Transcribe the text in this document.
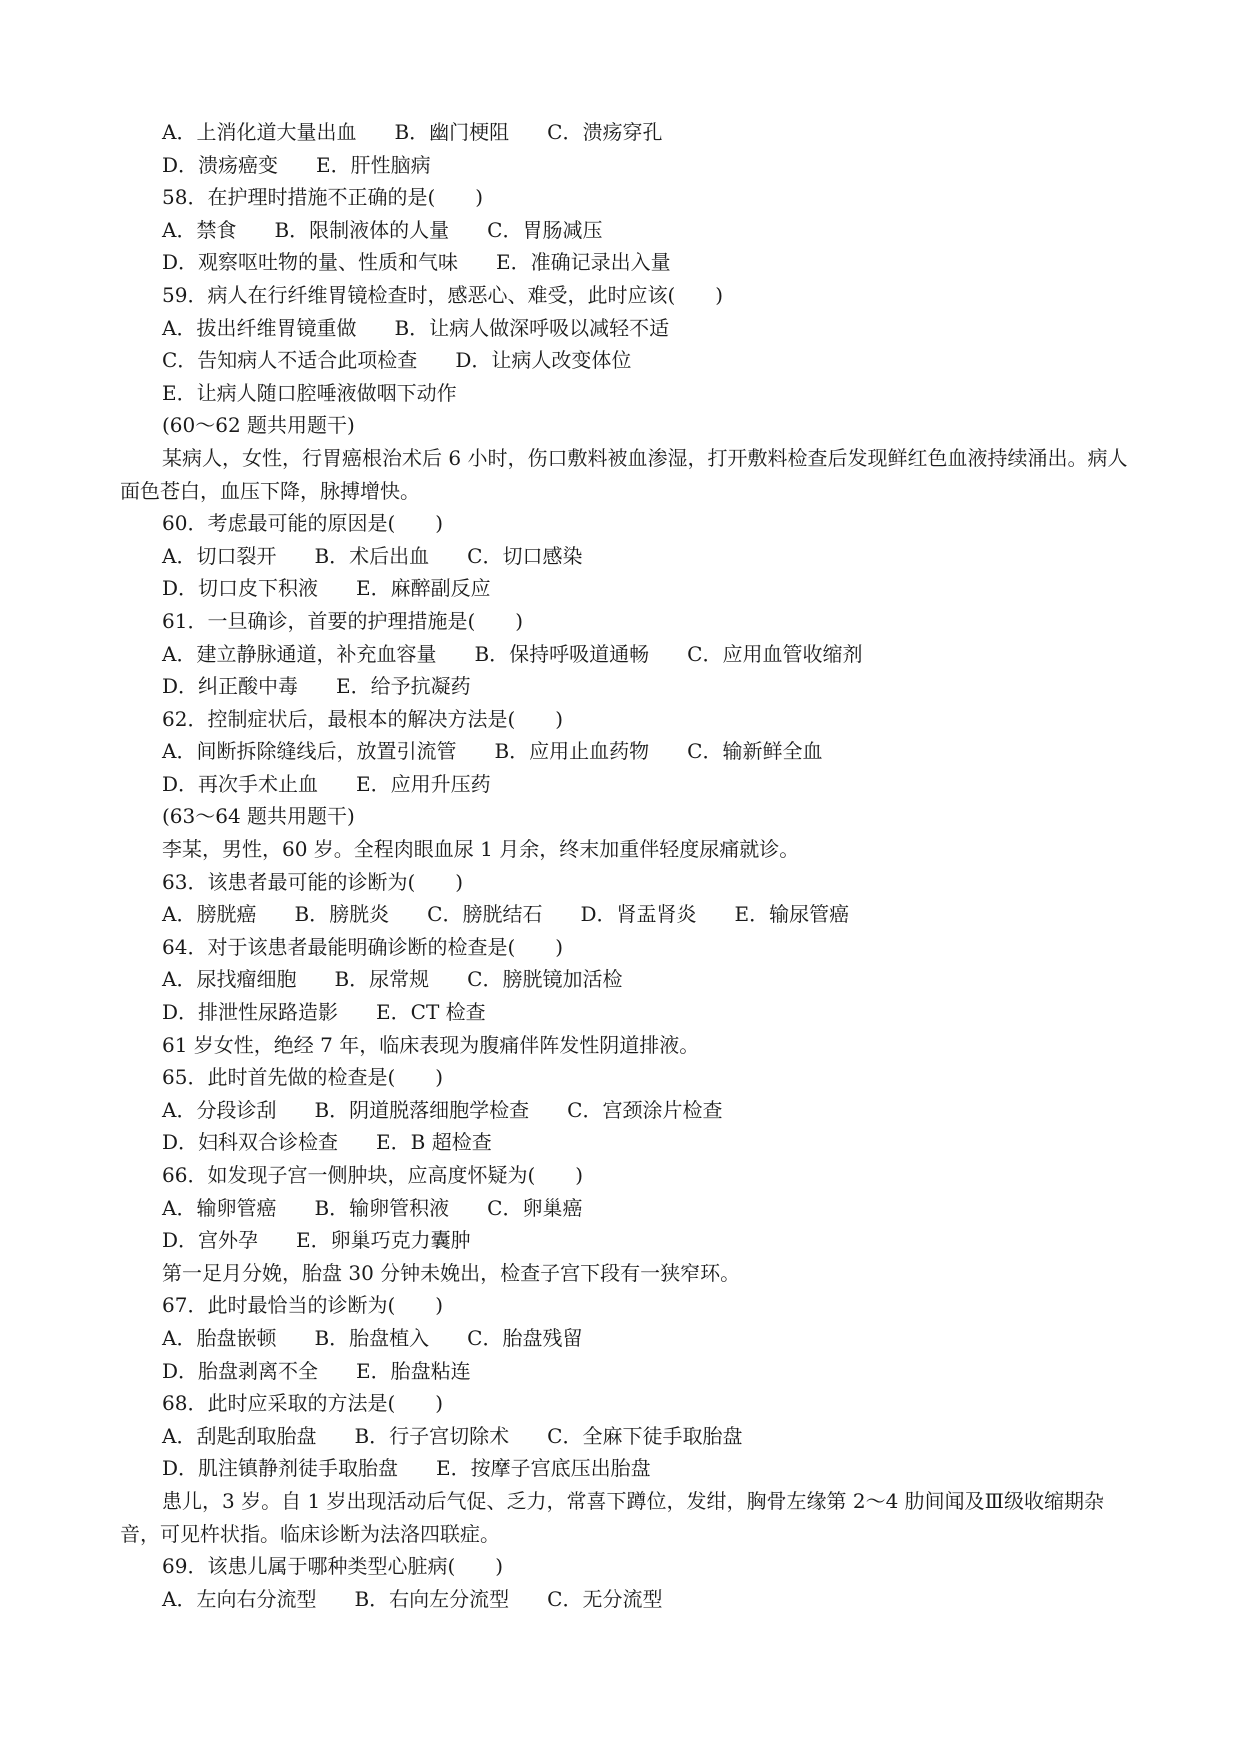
A．上消化道大量出血 B．幽门梗阻 C．溃疡穿孔
D．溃疡癌变 E．肝性脑病
58．在护理时措施不正确的是(　　)
A．禁食 B．限制液体的人量 C．胃肠减压
D．观察呕吐物的量、性质和气味 E．准确记录出入量
59．病人在行纤维胃镜检查时，感恶心、难受，此时应该(　　)
A．拔出纤维胃镜重做 B．让病人做深呼吸以减轻不适
C．告知病人不适合此项检查 D．让病人改变体位
E．让病人随口腔唾液做咽下动作
(60～62 题共用题干)
某病人，女性，行胃癌根治术后 6 小时，伤口敷料被血渗湿，打开敷料检查后发现鲜红色血液持续涌出。病人面色苍白，血压下降，脉搏增快。
60．考虑最可能的原因是(　　)
A．切口裂开 B．术后出血 C．切口感染
D．切口皮下积液 E．麻醉副反应
61．一旦确诊，首要的护理措施是(　　)
A．建立静脉通道，补充血容量 B．保持呼吸道通畅 C．应用血管收缩剂
D．纠正酸中毒 E．给予抗凝药
62．控制症状后，最根本的解决方法是(　　)
A．间断拆除缝线后，放置引流管 B．应用止血药物 C．输新鲜全血
D．再次手术止血 E．应用升压药
(63～64 题共用题干)
李某，男性，60 岁。全程肉眼血尿 1 月余，终末加重伴轻度尿痛就诊。
63．该患者最可能的诊断为(　　)
A．膀胱癌 B．膀胱炎 C．膀胱结石 D．肾盂肾炎 E．输尿管癌
64．对于该患者最能明确诊断的检查是(　　)
A．尿找瘤细胞 B．尿常规 C．膀胱镜加活检
D．排泄性尿路造影 E．CT 检查
61 岁女性，绝经 7 年，临床表现为腹痛伴阵发性阴道排液。
65．此时首先做的检查是(　　)
A．分段诊刮 B．阴道脱落细胞学检查 C．宫颈涂片检查
D．妇科双合诊检查 E．B 超检查
66．如发现子宫一侧肿块，应高度怀疑为(　　)
A．输卵管癌 B．输卵管积液 C．卵巢癌
D．宫外孕 E．卵巢巧克力囊肿
第一足月分娩，胎盘 30 分钟未娩出，检查子宫下段有一狭窄环。
67．此时最恰当的诊断为(　　)
A．胎盘嵌顿 B．胎盘植入 C．胎盘残留
D．胎盘剥离不全 E．胎盘粘连
68．此时应采取的方法是(　　)
A．刮匙刮取胎盘 B．行子宫切除术 C．全麻下徒手取胎盘
D．肌注镇静剂徒手取胎盘 E．按摩子宫底压出胎盘
患儿，3 岁。自 1 岁出现活动后气促、乏力，常喜下蹲位，发绀，胸骨左缘第 2～4 肋间闻及Ⅲ级收缩期杂音，可见杵状指。临床诊断为法洛四联症。
69．该患儿属于哪种类型心脏病(　　)
A．左向右分流型 B．右向左分流型 C．无分流型
